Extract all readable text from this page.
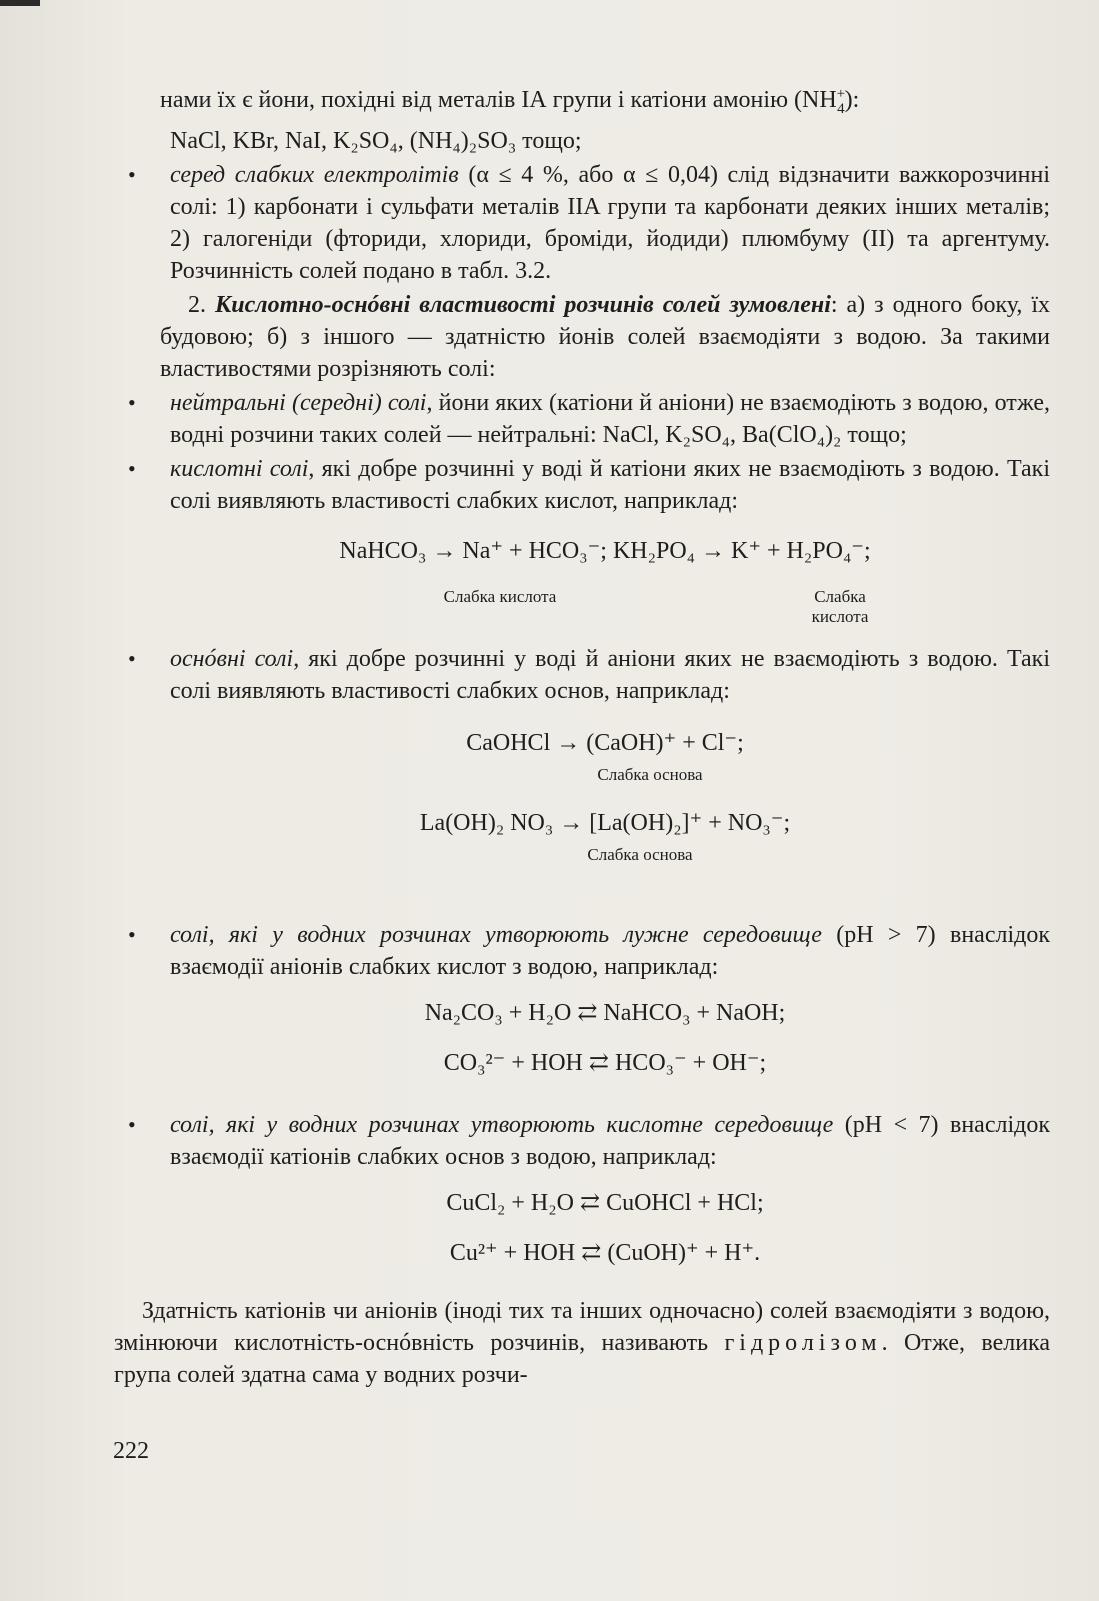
нами їх є йони, похідні від металів ІА групи і катіони амонію $(NH^+_4)$:

NaCl, KBr, NaI, K₂SO₄, (NH₄)₂SO₃ тощо;

• серед слабких електролітів (α ≤ 4 %, або α ≤ 0,04) слід відзначити важкорозчинні солі: 1) карбонати і сульфати металів IIA групи та карбонати деяких інших металів; 2) галогеніди (фториди, хлориди, броміди, йодиди) плюмбуму (II) та аргентуму. Розчинність солей подано в табл. 3.2.

2. Кислотно-оснóвні властивості розчинів солей зумовлені: а) з одного боку, їх будовою; б) з іншого — здатністю йонів солей взаємодіяти з водою. За такими властивостями розрізняють солі:

• нейтральні (середні) солі, йони яких (катіони й аніони) не взаємодіють з водою, отже, водні розчини таких солей — нейтральні: NaCl, K₂SO₄, Ba(ClO₄)₂ тощо;

• кислотні солі, які добре розчинні у воді й катіони яких не взаємодіють з водою. Такі солі виявляють властивості слабких кислот, наприклад:

NaHCO₃ → Na⁺ + HCO₃⁻; KH₂PO₄ → K⁺ + H₂PO₄⁻;
Слабка кислота	Слабка кислота

• оснóвні солі, які добре розчинні у воді й аніони яких не взаємодіють з водою. Такі солі виявляють властивості слабких основ, наприклад:

CaOHCl → (CaOH)⁺ + Cl⁻;
Слабка основа
La(OH)₂ NO₃ → [La(OH)₂]⁺ + NO₃⁻;
Слабка основа

• солі, які у водних розчинах утворюють лужне середовище (pH > 7) внаслідок взаємодії аніонів слабких кислот з водою, наприклад:

Na₂CO₃ + H₂O ⇄ NaHCO₃ + NaOH;
CO₃²⁻ + HOH ⇄ HCO₃⁻ + OH⁻;

• солі, які у водних розчинах утворюють кислотне середовище (pH < 7) внаслідок взаємодії катіонів слабких основ з водою, наприклад:

CuCl₂ + H₂O ⇄ CuOHCl + HCl;
Cu²⁺ + HOH ⇄ (CuOH)⁺ + H⁺.

Здатність катіонів чи аніонів (іноді тих та інших одночасно) солей взаємодіяти з водою, змінюючи кислотність-оснóвність розчинів, називають гідролізом. Отже, велика група солей здатна сама у водних розчи-

222
